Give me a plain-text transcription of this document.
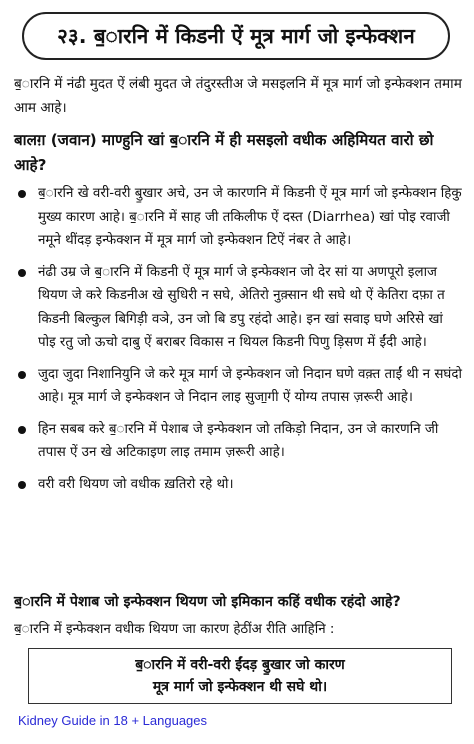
२३. ब॒ारनि में किडनी ऐं मूत्र मार्ग जो इन्फेक्शन
ब॒ारनि में नंढी मुदत ऐं लंबी मुदत जे तंदुरस्तीअ जे मसइलनि में मूत्र मार्ग जो इन्फेक्शन तमाम आम आहे।
बालग़ (जवान) माण्हुनि खां ब॒ारनि में ही मसइलो वधीक अहिमियत वारो छो आहे?
ब॒ारनि खे वरी-वरी बु॒खार अचे, उन जे कारणनि में किडनी ऐं मूत्र मार्ग जो इन्फेक्शन हिकु मुख्य कारण आहे। ब॒ारनि में साह जी तकिलीफ ऐं दस्त (Diarrhea) खां पोइ रवाजी नमूने थींदड़ इन्फेक्शन में मूत्र मार्ग जो इन्फेक्शन टिऐं नंबर ते आहे।
नंढी उम्र जे ब॒ारनि में किडनी ऐं मूत्र मार्ग जे इन्फेक्शन जो देर सां या अणपूरो इलाज थियण जे करे किडनीअ खे सुधिरी न सघे, अेतिरो नुक़्सान थी सघे थो ऐं केतिरा दफ़ा त किडनी बिल्कुल बिगिड़ी वञे, उन जो बि डपु रहंदो आहे। इन खां सवाइ घणे अरिसे खां पोइ रतु जो ऊचो दाबु ऐं बराबर विकास न थियल किडनी पिणु ड़िसण में ईंदी आहे।
जुदा जुदा निशानियुनि जे करे मूत्र मार्ग जे इन्फेक्शन जो निदान घणे वक़्त ताईं थी न सघंदो आहे। मूत्र मार्ग जे इन्फेक्शन जे निदान लाइ सुजा॒गी ऐं योग्य तपास ज़रूरी आहे।
हिन सबब करे ब॒ारनि में पेशाब जे इन्फेक्शन जो तकिड़ो निदान, उन जे कारणनि जी तपास ऐं उन खे अटिकाइण लाइ तमाम ज़रूरी आहे।
वरी वरी थियण जो वधीक ख़तिरो रहे थो।
ब॒ारनि में पेशाब जो इन्फेक्शन थियण जो इमिकान कहिं वधीक रहंदो आहे?
ब॒ारनि में इन्फेक्शन वधीक थियण जा कारण हेठींअ रीति आहिनि :
ब॒ारनि में वरी-वरी ईंदड़ बु॒खार जो कारण
मूत्र मार्ग जो इन्फेक्शन थी सघे थो।
Kidney Guide in 18 + Languages
